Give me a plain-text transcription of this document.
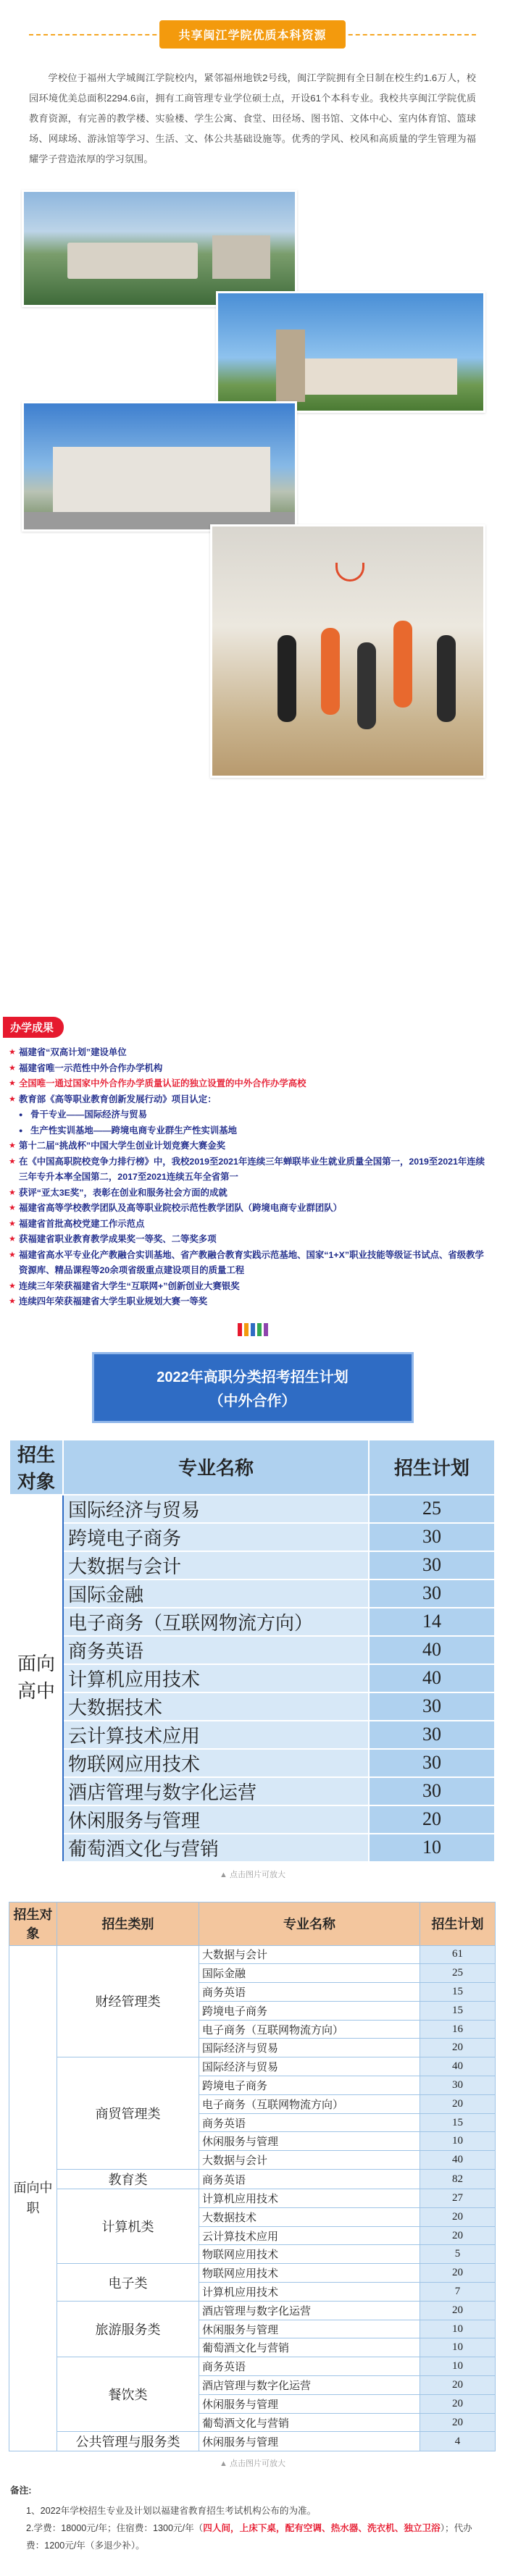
共享闽江学院优质本科资源

学校位于福州大学城闽江学院校内，紧邻福州地铁2号线，闽江学院拥有全日制在校生约1.6万人，校园环境优美总面积2294.6亩，拥有工商管理专业学位硕士点，开设61个本科专业。我校共享闽江学院优质教育资源，有完善的教学楼、实验楼、学生公寓、食堂、田径场、图书馆、文体中心、室内体育馆、篮球场、网球场、游泳馆等学习、生活、文、体公共基础设施等。优秀的学风、校风和高质量的学生管理为福耀学子营造浓厚的学习氛围。

办学成果
★ 福建省“双高计划”建设单位
★ 福建省唯一示范性中外合作办学机构
★ 全国唯一通过国家中外合作办学质量认证的独立设置的中外合作办学高校
★ 教育部《高等职业教育创新发展行动》项目认定：
● 骨干专业——国际经济与贸易
● 生产性实训基地——跨境电商专业群生产性实训基地
★ 第十二届“挑战杯”中国大学生创业计划竞赛大赛金奖
★ 在《中国高职院校竞争力排行榜》中，我校2019至2021年连续三年蝉联毕业生就业质量全国第一，2019至2021年连续三年专升本率全国第二，2017至2021连续五年全省第一
★ 获评“亚太3E奖”，表彰在创业和服务社会方面的成就
★ 福建省高等学校教学团队及高等职业院校示范性教学团队（跨境电商专业群团队）
★ 福建省首批高校党建工作示范点
★ 获福建省职业教育教学成果奖一等奖、二等奖多项
★ 福建省高水平专业化产教融合实训基地、省产教融合教育实践示范基地、国家“1+X”职业技能等级证书试点、省级教学资源库、精品课程等20余项省级重点建设项目的质量工程
★ 连续三年荣获福建省大学生“互联网+”创新创业大赛银奖
★ 连续四年荣获福建省大学生职业规划大赛一等奖
2022年高职分类招考招生计划
（中外合作）
招生对象	专业名称	招生计划
面向高中	国际经济与贸易	25
	跨境电子商务	30
	大数据与会计	30
	国际金融	30
	电子商务（互联网物流方向）	14
	商务英语	40
	计算机应用技术	40
	大数据技术	30
	云计算技术应用	30
	物联网应用技术	30
	酒店管理与数字化运营	30
	休闲服务与管理	20
	葡萄酒文化与营销	10
▲ 点击图片可放大
招生对象	招生类别	专业名称	招生计划
面向中职	财经管理类	大数据与会计	61
		国际金融	25
		商务英语	15
		跨境电子商务	15
		电子商务（互联网物流方向）	16
		国际经济与贸易	20
	商贸管理类	国际经济与贸易	40
		跨境电子商务	30
		电子商务（互联网物流方向）	20
		商务英语	15
		休闲服务与管理	10
		大数据与会计	40
	教育类	商务英语	82
	计算机类	计算机应用技术	27
		大数据技术	20
		云计算技术应用	20
		物联网应用技术	5
	电子类	物联网应用技术	20
		计算机应用技术	7
	旅游服务类	酒店管理与数字化运营	20
		休闲服务与管理	10
		葡萄酒文化与营销	10
	餐饮类	商务英语	10
		酒店管理与数字化运营	20
		休闲服务与管理	20
		葡萄酒文化与营销	20
	公共管理与服务类	休闲服务与管理	4
▲ 点击图片可放大
备注:

1、2022年学校招生专业及计划以福建省教育招生考试机构公布的为准。

2.学费：18000元/年；住宿费：1300元/年（四人间，上床下桌，配有空调、热水器、洗衣机、独立卫浴）；代办费：1200元/年（多退少补）。
